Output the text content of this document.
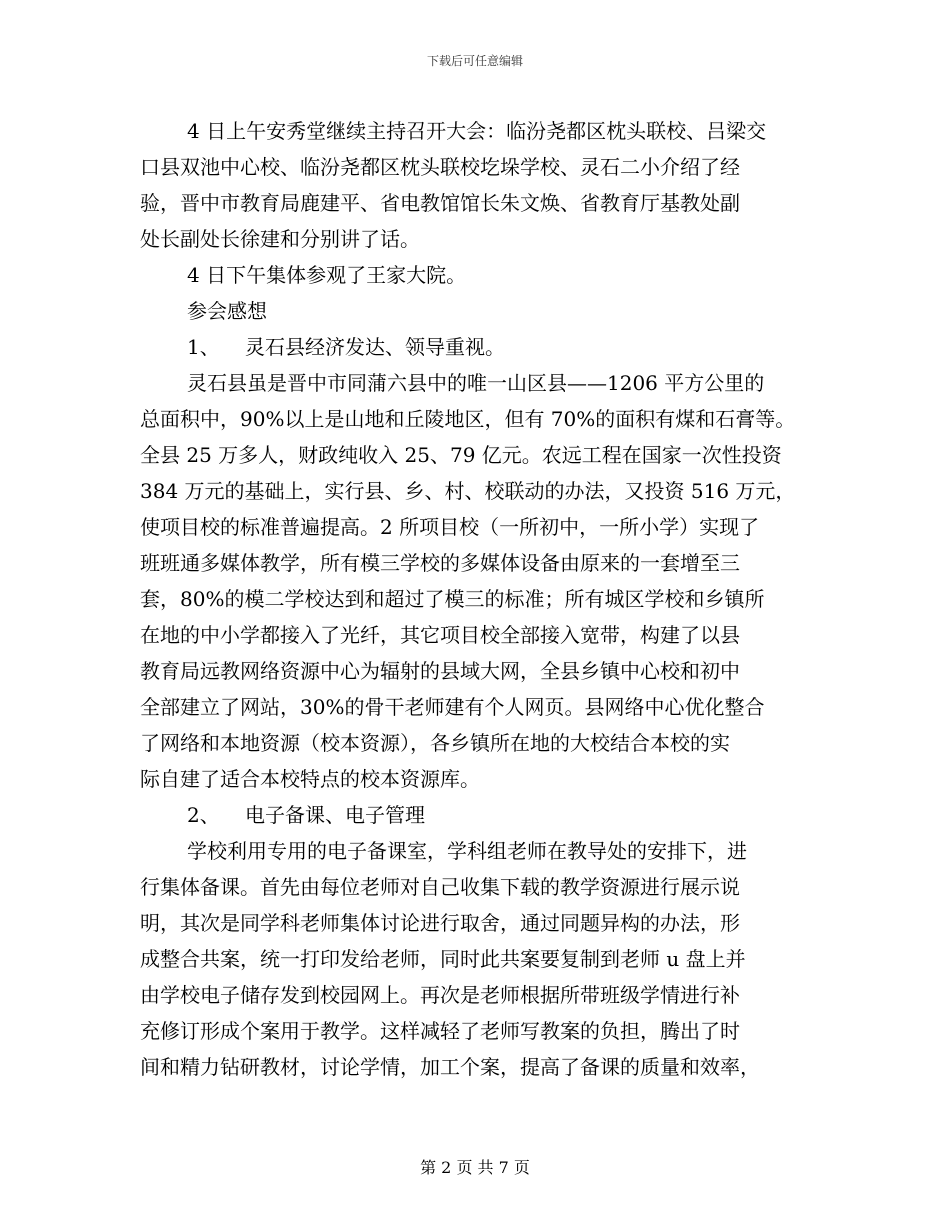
下载后可任意编辑
4 日上午安秀堂继续主持召开大会：临汾尧都区枕头联校、吕梁交
口县双池中心校、临汾尧都区枕头联校圪垛学校、灵石二小介绍了经
验，晋中市教育局鹿建平、省电教馆馆长朱文焕、省教育厅基教处副
处长副处长徐建和分别讲了话。
4 日下午集体参观了王家大院。
参会感想
1、 灵石县经济发达、领导重视。
灵石县虽是晋中市同蒲六县中的唯一山区县——1206 平方公里的
总面积中，90%以上是山地和丘陵地区，但有 70%的面积有煤和石膏等。
全县 25 万多人，财政纯收入 25、79 亿元。农远工程在国家一次性投资
384 万元的基础上，实行县、乡、村、校联动的办法，又投资 516 万元，
使项目校的标准普遍提高。2 所项目校（一所初中，一所小学）实现了
班班通多媒体教学，所有模三学校的多媒体设备由原来的一套增至三
套，80%的模二学校达到和超过了模三的标准；所有城区学校和乡镇所
在地的中小学都接入了光纤，其它项目校全部接入宽带，构建了以县
教育局远教网络资源中心为辐射的县域大网，全县乡镇中心校和初中
全部建立了网站，30%的骨干老师建有个人网页。县网络中心优化整合
了网络和本地资源（校本资源），各乡镇所在地的大校结合本校的实
际自建了适合本校特点的校本资源库。
2、 电子备课、电子管理
学校利用专用的电子备课室，学科组老师在教导处的安排下，进
行集体备课。首先由每位老师对自己收集下载的教学资源进行展示说
明，其次是同学科老师集体讨论进行取舍，通过同题异构的办法，形
成整合共案，统一打印发给老师，同时此共案要复制到老师 u 盘上并
由学校电子储存发到校园网上。再次是老师根据所带班级学情进行补
充修订形成个案用于教学。这样减轻了老师写教案的负担，腾出了时
间和精力钻研教材，讨论学情，加工个案，提高了备课的质量和效率，
第 2 页 共 7 页
